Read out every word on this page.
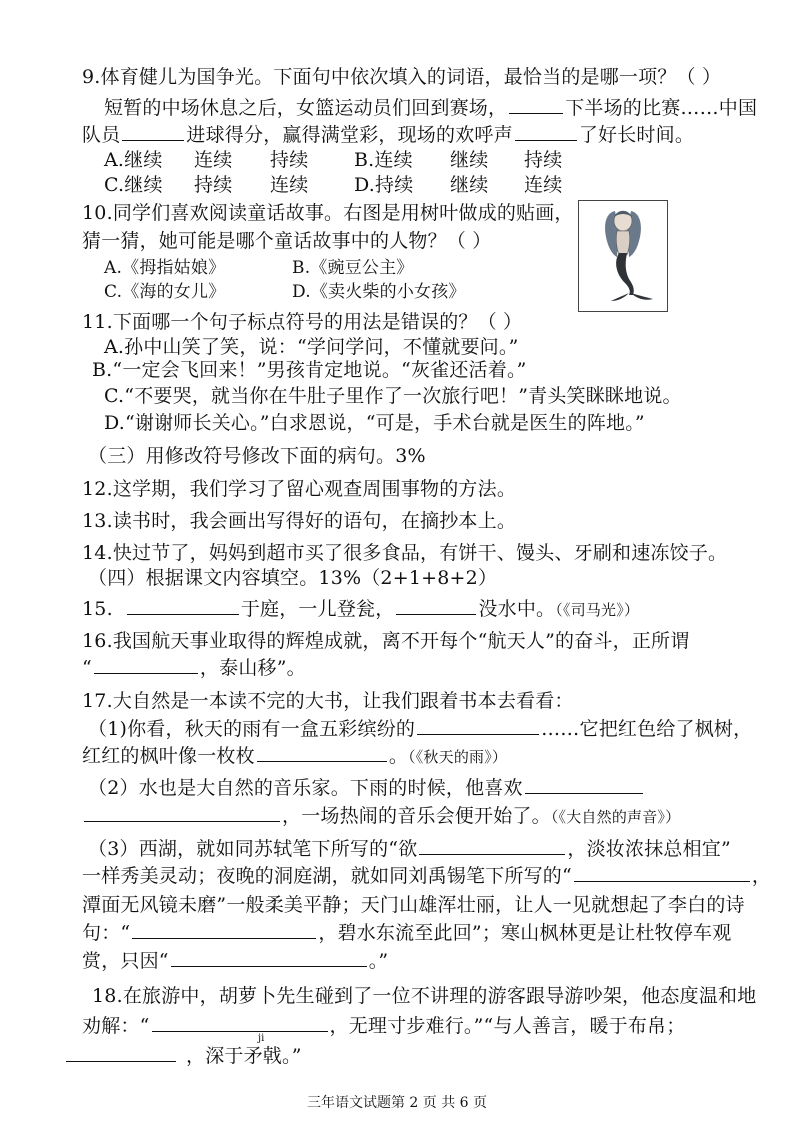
9.体育健儿为国争光。下面句中依次填入的词语，最恰当的是哪一项？（ ）
短暂的中场休息之后，女篮运动员们回到赛场，	下半场的比赛……中国
队员	进球得分，赢得满堂彩，现场的欢呼声	了好长时间。
A.继续 连续 持续 B.连续 继续 持续
C.继续 持续 连续 D.持续 继续 连续
10.同学们喜欢阅读童话故事。右图是用树叶做成的贴画，
猜一猜，她可能是哪个童话故事中的人物？（ ）
A.《拇指姑娘》	B.《豌豆公主》
C.《海的女儿》	D.《卖火柴的小女孩》
11.下面哪一个句子标点符号的用法是错误的？（ ）
A.孙中山笑了笑，说：“学问学问，不懂就要问。”
B.“一定会飞回来！”男孩肯定地说。“灰雀还活着。”
C.“不要哭，就当你在牛肚子里作了一次旅行吧！”青头笑眯眯地说。
D.“谢谢师长关心。”白求恩说，“可是，手术台就是医生的阵地。”
（三）用修改符号修改下面的病句。3%
12.这学期，我们学习了留心观查周围事物的方法。
13.读书时，我会画出写得好的语句，在摘抄本上。
14.快过节了，妈妈到超市买了很多食品，有饼干、馒头、牙刷和速冻饺子。
（四）根据课文内容填空。13%（2+1+8+2）
15.	于庭，一儿登瓮，	没水中。（《司马光》）
16.我国航天事业取得的辉煌成就，离不开每个“航天人”的奋斗，正所谓
“	，泰山移”。
17.大自然是一本读不完的大书，让我们跟着书本去看看：
（1)你看，秋天的雨有一盒五彩缤纷的	……它把红色给了枫树，
红红的枫叶像一枚枚	。（《秋天的雨》）
（2）水也是大自然的音乐家。下雨的时候，他喜欢
，一场热闹的音乐会便开始了。（《大自然的声音》）
（3）西湖，就如同苏轼笔下所写的“欲	，淡妆浓抹总相宜”
一样秀美灵动；夜晚的洞庭湖，就如同刘禹锡笔下所写的“	，
潭面无风镜未磨”一般柔美平静；天门山雄浑壮丽，让人一见就想起了李白的诗
句：“	，碧水东流至此回”；寒山枫林更是让杜牧停车观
赏，只因“	。”
18.在旅游中，胡萝卜先生碰到了一位不讲理的游客跟导游吵架，他态度温和地
劝解：“	，无理寸步难行。”“与人善言，暖于布帛；
ji
，深于矛戟。”
三年语文试题第 2 页 共 6 页
